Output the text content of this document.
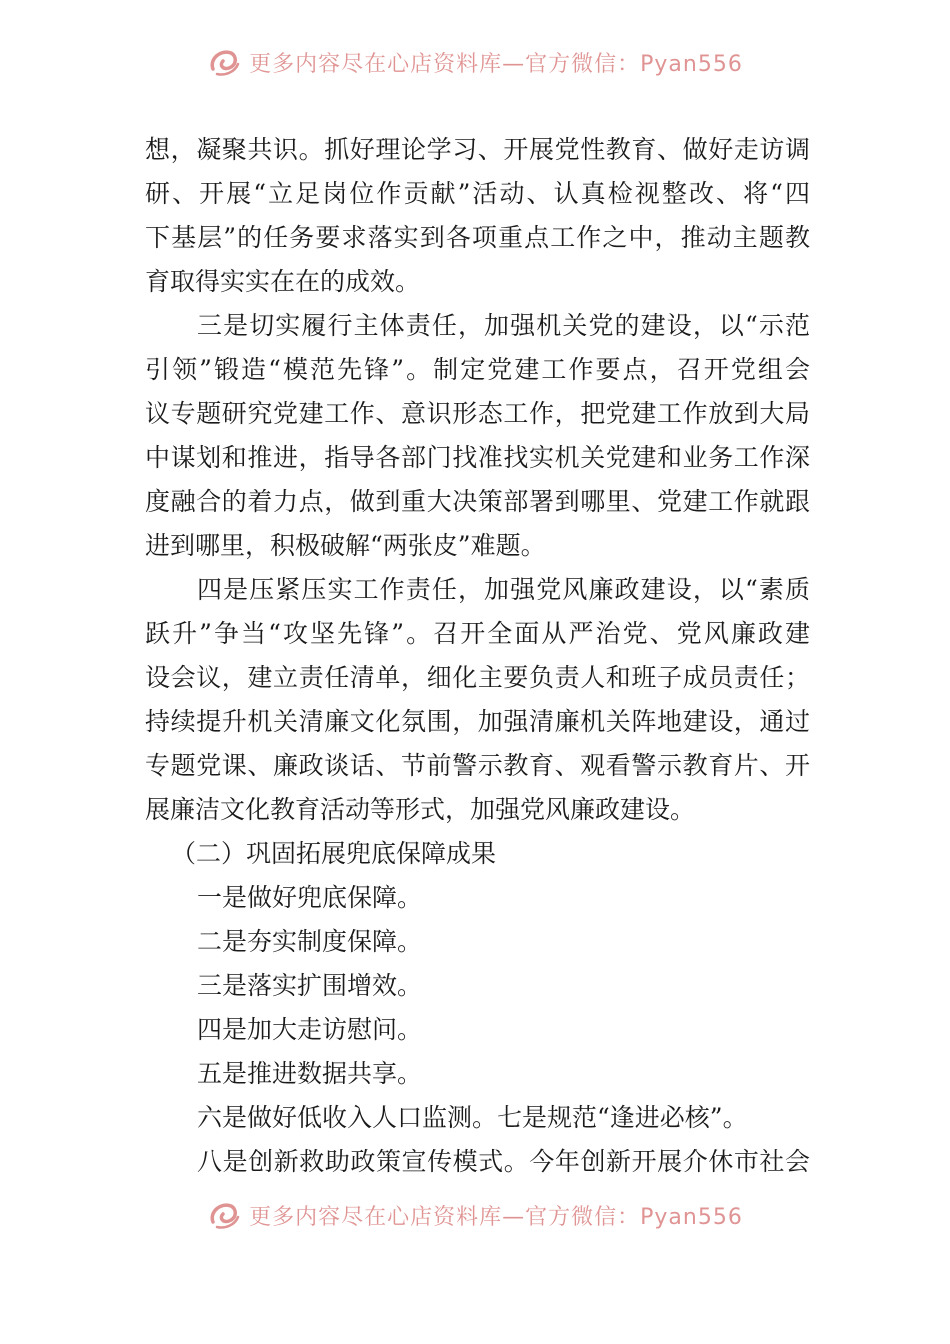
更多内容尽在心店资料库—官方微信：Pyan556
想，凝聚共识。抓好理论学习、开展党性教育、做好走访调
研、开展“立足岗位作贡献”活动、认真检视整改、将“四
下基层”的任务要求落实到各项重点工作之中，推动主题教
育取得实实在在的成效。
三是切实履行主体责任，加强机关党的建设，以“示范
引领”锻造“模范先锋”。制定党建工作要点，召开党组会
议专题研究党建工作、意识形态工作，把党建工作放到大局
中谋划和推进，指导各部门找准找实机关党建和业务工作深
度融合的着力点，做到重大决策部署到哪里、党建工作就跟
进到哪里，积极破解“两张皮”难题。
四是压紧压实工作责任，加强党风廉政建设，以“素质
跃升”争当“攻坚先锋”。召开全面从严治党、党风廉政建
设会议，建立责任清单，细化主要负责人和班子成员责任；
持续提升机关清廉文化氛围，加强清廉机关阵地建设，通过
专题党课、廉政谈话、节前警示教育、观看警示教育片、开
展廉洁文化教育活动等形式，加强党风廉政建设。
（二）巩固拓展兜底保障成果
一是做好兜底保障。
二是夯实制度保障。
三是落实扩围增效。
四是加大走访慰问。
五是推进数据共享。
六是做好低收入人口监测。七是规范“逢进必核”。
八是创新救助政策宣传模式。今年创新开展介休市社会
更多内容尽在心店资料库—官方微信：Pyan556
